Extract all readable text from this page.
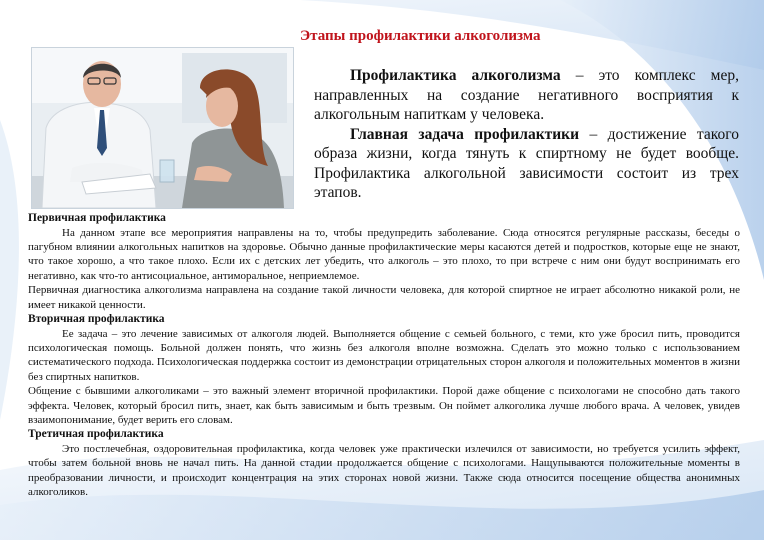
Этапы профилактики алкоголизма

Профилактика алкоголизма – это комплекс мер, направленных на создание негативного восприятия к алкогольным напиткам у человека.

Главная задача профилактики – достижение такого образа жизни, когда тянуть к спиртному не будет вообще. Профилактика алкогольной зависимости состоит из трех этапов.

Первичная профилактика

На данном этапе все мероприятия направлены на то, чтобы предупредить заболевание. Сюда относятся регулярные рассказы, беседы о пагубном влиянии алкогольных напитков на здоровье. Обычно данные профилактические меры касаются детей и подростков, которые еще не знают, что такое хорошо, а что такое плохо. Если их с детских лет убедить, что алкоголь – это плохо, то при встрече с ним они будут воспринимать его негативно, как что-то антисоциальное, антиморальное, неприемлемое.

Первичная диагностика алкоголизма направлена на создание такой личности человека, для которой спиртное не играет абсолютно никакой роли, не имеет никакой ценности.

Вторичная профилактика

Ее задача – это лечение зависимых от алкоголя людей. Выполняется общение с семьей больного, с теми, кто уже бросил пить, проводится психологическая помощь. Больной должен понять, что жизнь без алкоголя вполне возможна. Сделать это можно только с использованием систематического подхода. Психологическая поддержка состоит из демонстрации отрицательных сторон алкоголя и положительных моментов в жизни без спиртных напитков.

Общение с бывшими алкоголиками – это важный элемент вторичной профилактики. Порой даже общение с психологами не способно дать такого эффекта. Человек, который бросил пить, знает, как быть зависимым и быть трезвым. Он поймет алкоголика лучше любого врача. А человек, увидев взаимопонимание, будет верить его словам.

Третичная профилактика

Это постлечебная, оздоровительная профилактика, когда человек уже практически излечился от зависимости, но требуется усилить эффект, чтобы затем больной вновь не начал пить. На данной стадии продолжается общение с психологами. Нащупываются положительные моменты в преобразовании личности, и происходит концентрация на этих сторонах новой жизни. Также сюда относится посещение общества анонимных алкоголиков.
